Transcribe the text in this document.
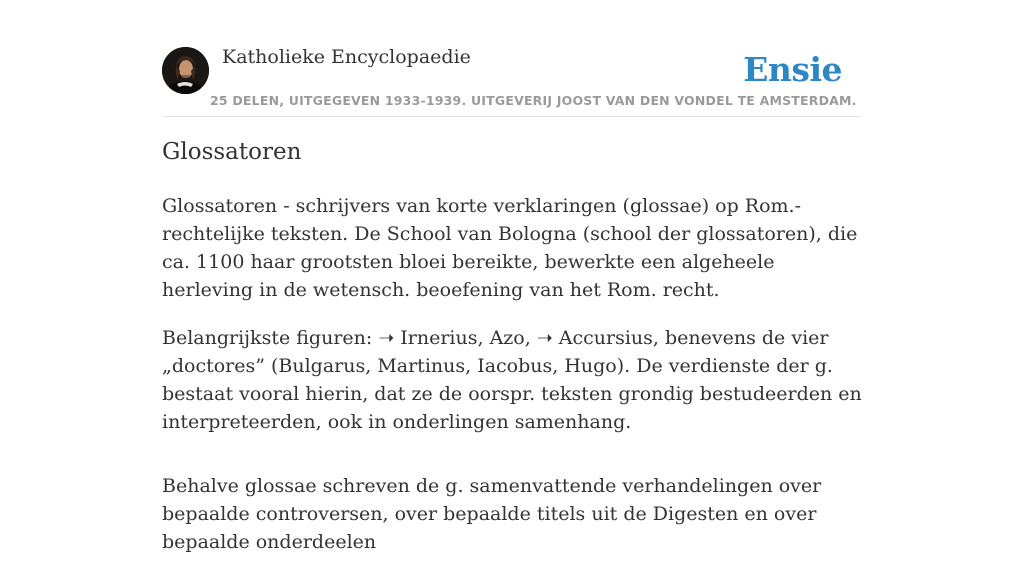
Katholieke Encyclopaedie
25 DELEN, UITGEGEVEN 1933-1939. UITGEVERIJ JOOST VAN DEN VONDEL TE AMSTERDAM.
Ensie
Glossatoren

Glossatoren - schrijvers van korte verklaringen (glossae) op Rom.-rechtelijke teksten. De School van Bologna (school der glossatoren), die ca. 1100 haar grootsten bloei bereikte, bewerkte een algeheele herleving in de wetensch. beoefening van het Rom. recht.

Belangrijkste figuren: ➝ Irnerius, Azo, ➝ Accursius, benevens de vier „doctores” (Bulgarus, Martinus, Iacobus, Hugo). De verdienste der g. bestaat vooral hierin, dat ze de oorspr. teksten grondig bestudeerden en interpreteerden, ook in onderlingen samenhang.

Behalve glossae schreven de g. samenvattende verhandelingen over bepaalde controversen, over bepaalde titels uit de Digesten en over bepaalde onderdeelen
